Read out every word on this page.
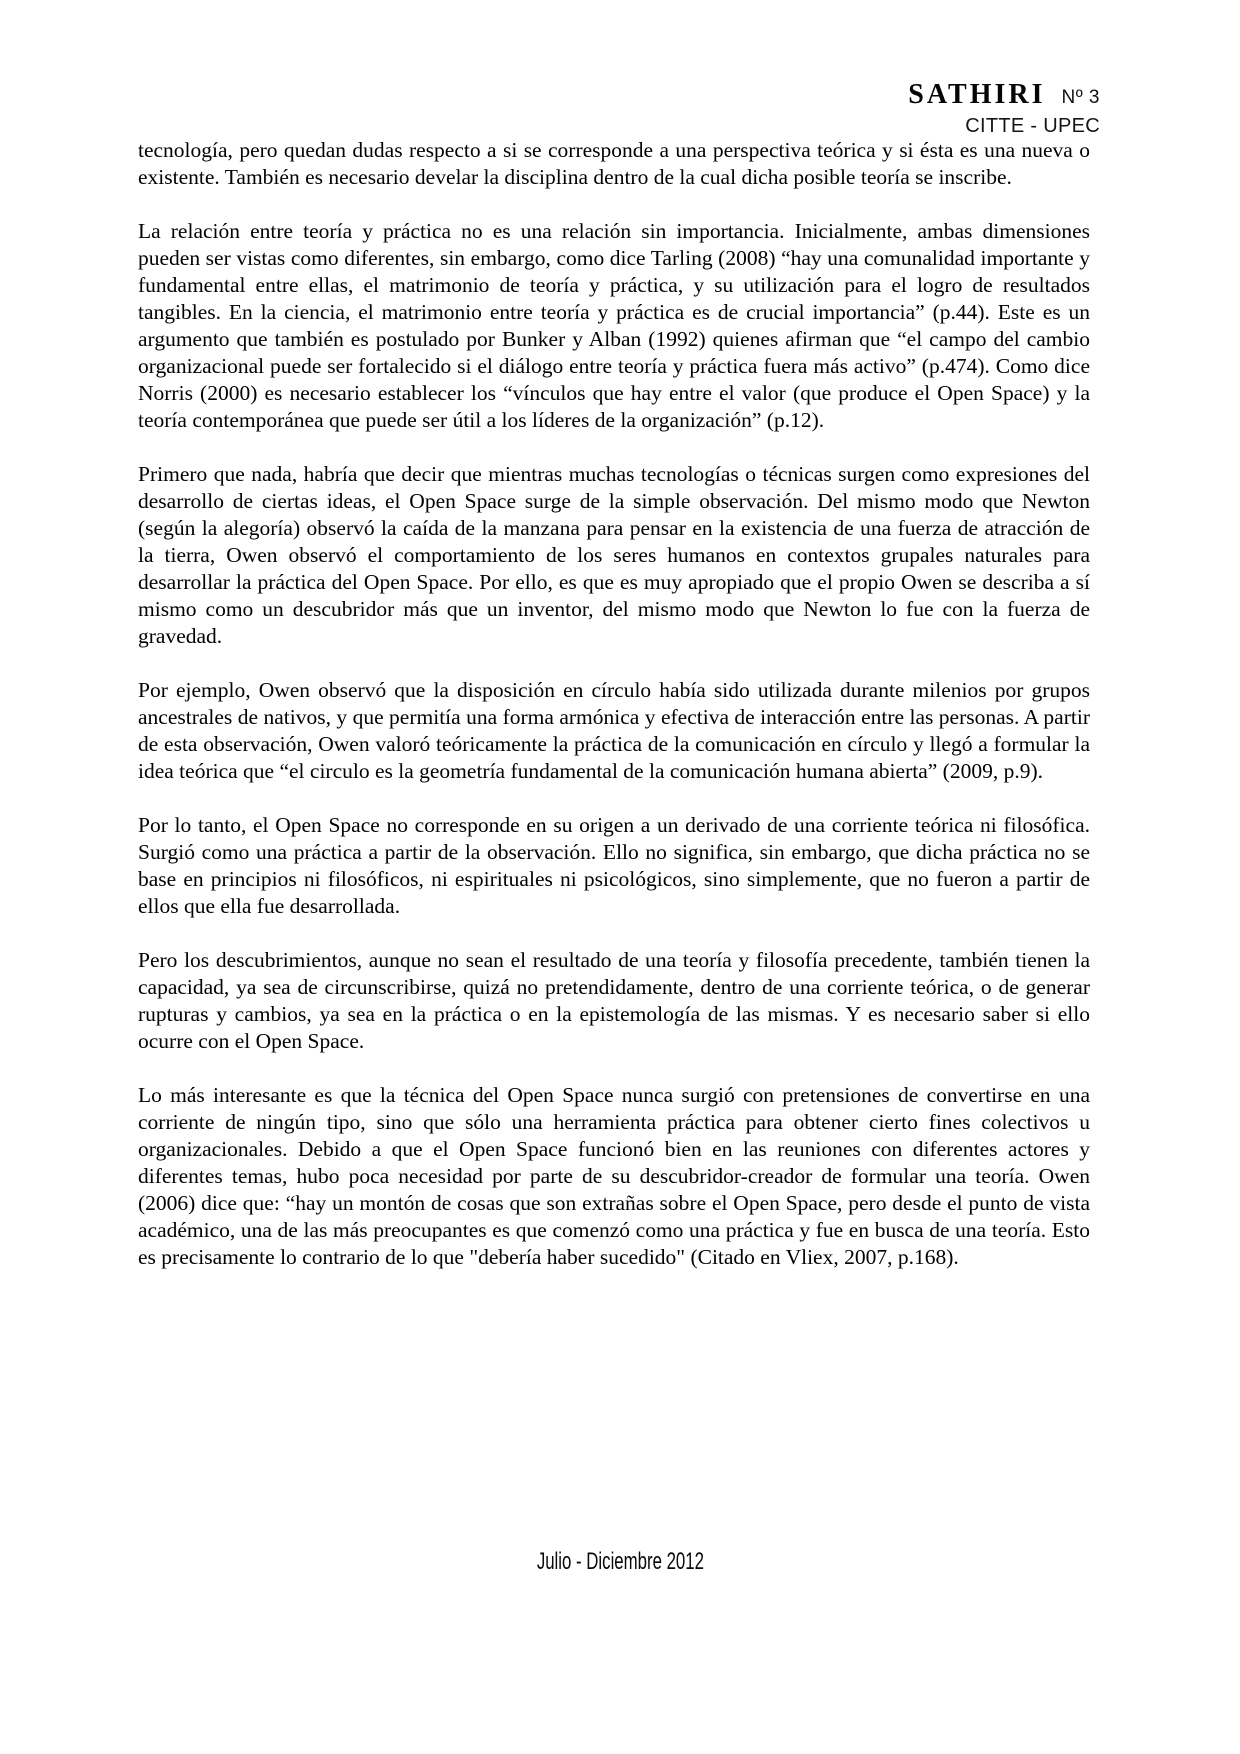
SATHIRI Nº 3
CITTE - UPEC

tecnología, pero quedan dudas respecto a si se corresponde a una perspectiva teórica y si ésta es una nueva o existente. También es necesario develar la disciplina dentro de la cual dicha posible teoría se inscribe.

La relación entre teoría y práctica no es una relación sin importancia. Inicialmente, ambas dimensiones pueden ser vistas como diferentes, sin embargo, como dice Tarling (2008) “hay una comunalidad importante y fundamental entre ellas, el matrimonio de teoría y práctica, y su utilización para el logro de resultados tangibles. En la ciencia, el matrimonio entre teoría y práctica es de crucial importancia” (p.44). Este es un argumento que también es postulado por Bunker y Alban (1992) quienes afirman que “el campo del cambio organizacional puede ser fortalecido si el diálogo entre teoría y práctica fuera más activo” (p.474). Como dice Norris (2000) es necesario establecer los “vínculos que hay entre el valor (que produce el Open Space) y la teoría contemporánea que puede ser útil a los líderes de la organización” (p.12).

Primero que nada, habría que decir que mientras muchas tecnologías o técnicas surgen como expresiones del desarrollo de ciertas ideas, el Open Space surge de la simple observación. Del mismo modo que Newton (según la alegoría) observó la caída de la manzana para pensar en la existencia de una fuerza de atracción de la tierra, Owen observó el comportamiento de los seres humanos en contextos grupales naturales para desarrollar la práctica del Open Space. Por ello, es que es muy apropiado que el propio Owen se describa a sí mismo como un descubridor más que un inventor, del mismo modo que Newton lo fue con la fuerza de gravedad.

Por ejemplo, Owen observó que la disposición en círculo había sido utilizada durante milenios por grupos ancestrales de nativos, y que permitía una forma armónica y efectiva de interacción entre las personas. A partir de esta observación, Owen valoró teóricamente la práctica de la comunicación en círculo y llegó a formular la idea teórica que “el circulo es la geometría fundamental de la comunicación humana abierta” (2009, p.9).

Por lo tanto, el Open Space no corresponde en su origen a un derivado de una corriente teórica ni filosófica. Surgió como una práctica a partir de la observación. Ello no significa, sin embargo, que dicha práctica no se base en principios ni filosóficos, ni espirituales ni psicológicos, sino simplemente, que no fueron a partir de ellos que ella fue desarrollada.

Pero los descubrimientos, aunque no sean el resultado de una teoría y filosofía precedente, también tienen la capacidad, ya sea de circunscribirse, quizá no pretendidamente, dentro de una corriente teórica, o de generar rupturas y cambios, ya sea en la práctica o en la epistemología de las mismas. Y es necesario saber si ello ocurre con el Open Space.

Lo más interesante es que la técnica del Open Space nunca surgió con pretensiones de convertirse en una corriente de ningún tipo, sino que sólo una herramienta práctica para obtener cierto fines colectivos u organizacionales. Debido a que el Open Space funcionó bien en las reuniones con diferentes actores y diferentes temas, hubo poca necesidad por parte de su descubridor-creador de formular una teoría. Owen (2006) dice que: “hay un montón de cosas que son extrañas sobre el Open Space, pero desde el punto de vista académico, una de las más preocupantes es que comenzó como una práctica y fue en busca de una teoría. Esto es precisamente lo contrario de lo que "debería haber sucedido" (Citado en Vliex, 2007, p.168).

Julio - Diciembre 2012
